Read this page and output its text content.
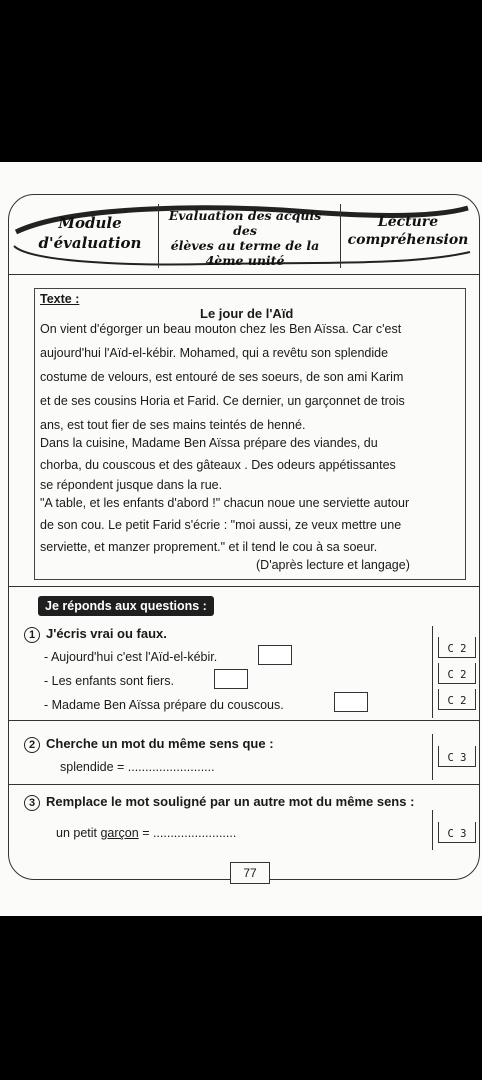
Module
d'évaluation
Evaluation des acquis des
élèves au terme de la
4ème unité
Lecture
compréhension
Texte :
Le jour de l'Aïd
On vient d'égorger un beau mouton chez les Ben Aïssa. Car c'est
aujourd'hui l'Aïd-el-kébir. Mohamed, qui a revêtu son splendide
costume de velours, est entouré de ses soeurs, de son ami Karim
et de ses cousins Horia et Farid. Ce dernier, un garçonnet de trois
ans, est tout fier de ses mains teintés de henné.
Dans la cuisine, Madame Ben Aïssa prépare des viandes, du
chorba, du couscous et des gâteaux . Des odeurs appétissantes
se répondent jusque dans la rue.
"A table, et les enfants d'abord !" chacun noue une serviette autour
de son cou. Le petit Farid s'écrie : "moi aussi, ze veux mettre une
serviette, et manzer proprement." et il tend le cou à sa soeur.
(D'après lecture et langage)
Je réponds aux questions :
1 J'écris vrai ou faux.
- Aujourd'hui c'est l'Aïd-el-kébir.
- Les enfants sont fiers.
- Madame Ben Aïssa prépare du couscous.
C 2
C 2
C 2
2 Cherche un mot du même sens que :
splendide = .........................
C 3
3 Remplace le mot souligné par un autre mot du même sens :
un petit garçon = ........................	C 3
77
